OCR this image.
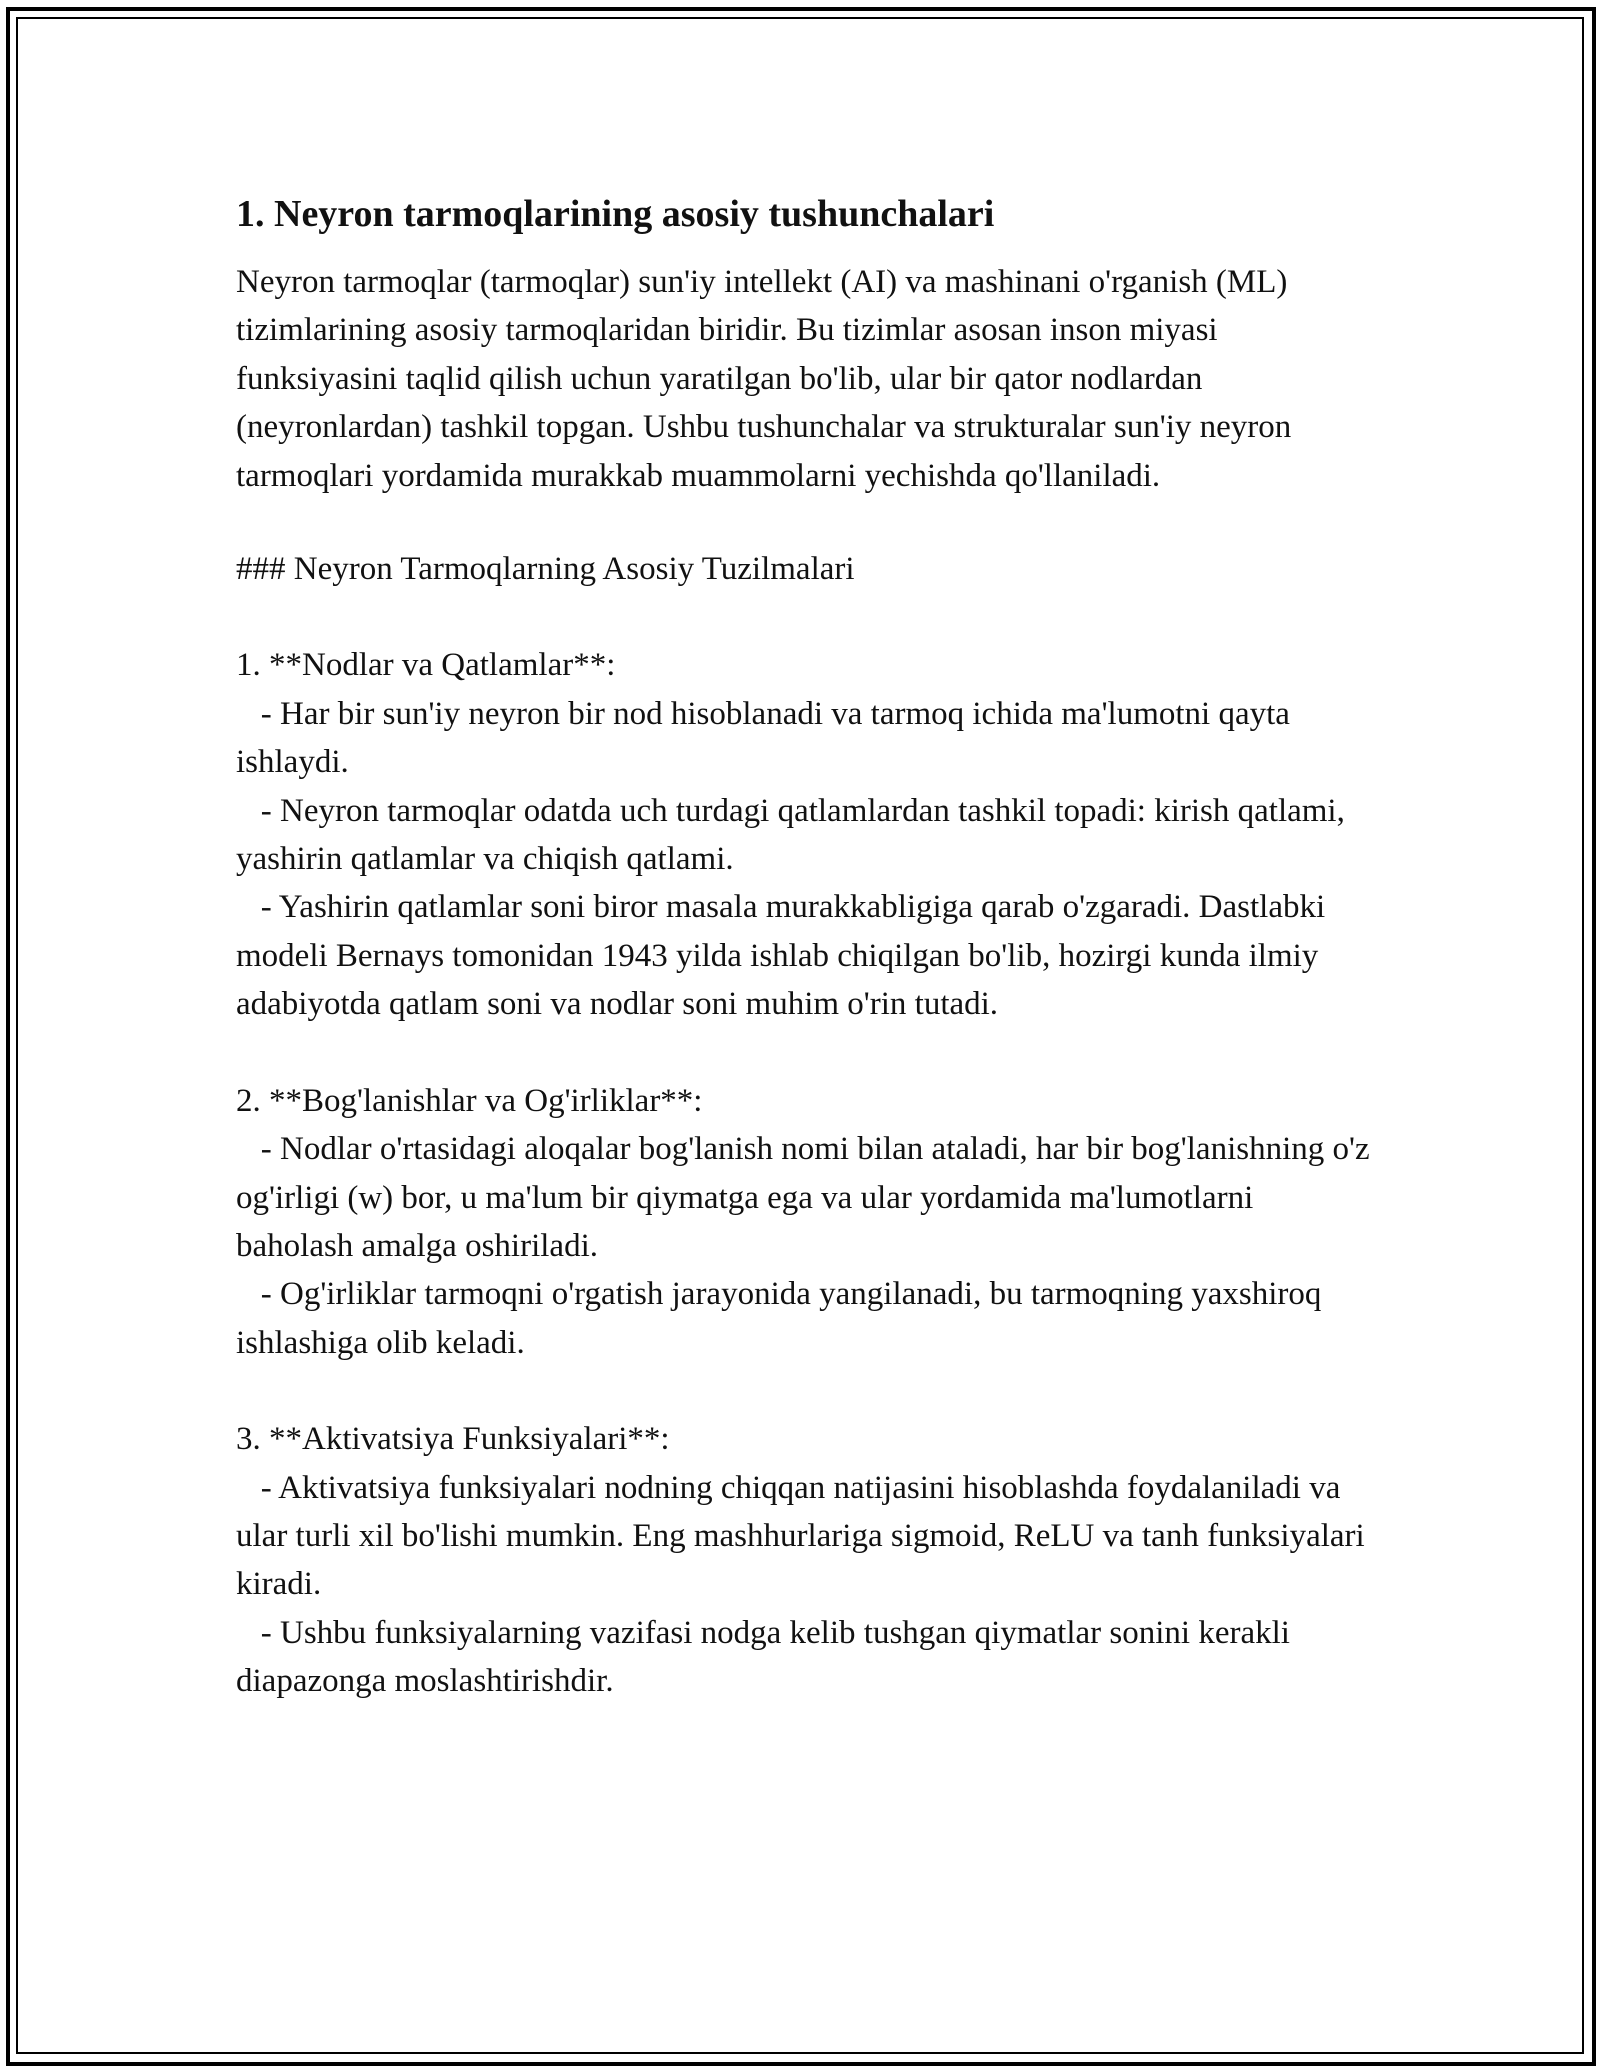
1. Neyron tarmoqlarining asosiy tushunchalari

Neyron tarmoqlar (tarmoqlar) sun'iy intellekt (AI) va mashinani o'rganish (ML) tizimlarining asosiy tarmoqlaridan biridir. Bu tizimlar asosan inson miyasi funksiyasini taqlid qilish uchun yaratilgan bo'lib, ular bir qator nodlardan (neyronlardan) tashkil topgan. Ushbu tushunchalar va strukturalar sun'iy neyron tarmoqlari yordamida murakkab muammolarni yechishda qo'llaniladi.

### Neyron Tarmoqlarning Asosiy Tuzilmalari

1. **Nodlar va Qatlamlar**:

- Har bir sun'iy neyron bir nod hisoblanadi va tarmoq ichida ma'lumotni qayta ishlaydi.

- Neyron tarmoqlar odatda uch turdagi qatlamlardan tashkil topadi: kirish qatlami, yashirin qatlamlar va chiqish qatlami.

- Yashirin qatlamlar soni biror masala murakkabligiga qarab o'zgaradi. Dastlabki modeli Bernays tomonidan 1943 yilda ishlab chiqilgan bo'lib, hozirgi kunda ilmiy adabiyotda qatlam soni va nodlar soni muhim o'rin tutadi.

2. **Bog'lanishlar va Og'irliklar**:

- Nodlar o'rtasidagi aloqalar bog'lanish nomi bilan ataladi, har bir bog'lanishning o'z og'irligi (w) bor, u ma'lum bir qiymatga ega va ular yordamida ma'lumotlarni baholash amalga oshiriladi.

- Og'irliklar tarmoqni o'rgatish jarayonida yangilanadi, bu tarmoqning yaxshiroq ishlashiga olib keladi.

3. **Aktivatsiya Funksiyalari**:

- Aktivatsiya funksiyalari nodning chiqqan natijasini hisoblashda foydalaniladi va ular turli xil bo'lishi mumkin. Eng mashhurlariga sigmoid, ReLU va tanh funksiyalari kiradi.

- Ushbu funksiyalarning vazifasi nodga kelib tushgan qiymatlar sonini kerakli diapazonga moslashtirishdir.
